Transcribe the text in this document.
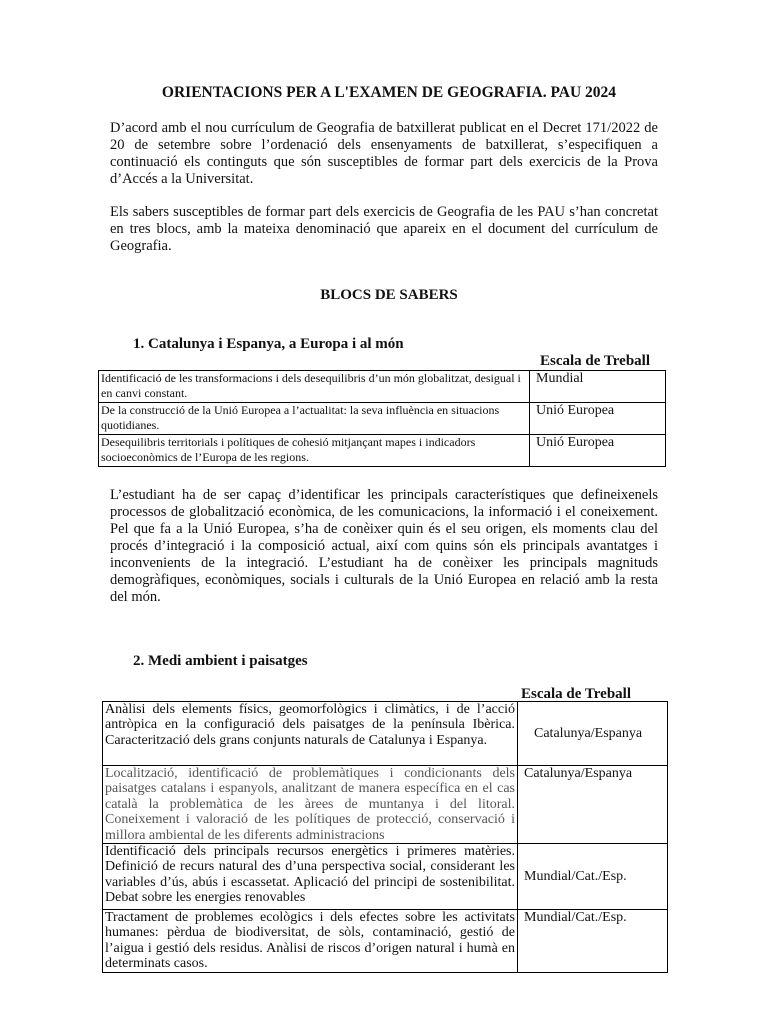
ORIENTACIONS PER A L'EXAMEN DE GEOGRAFIA. PAU 2024

D’acord amb el nou currículum de Geografia de batxillerat publicat en el Decret 171/2022 de 20 de setembre sobre l’ordenació dels ensenyaments de batxillerat, s’especifiquen a continuació els continguts que són susceptibles de formar part dels exercicis de la Prova d’Accés a la Universitat.

Els sabers susceptibles de formar part dels exercicis de Geografia de les PAU s’han concretat en tres blocs, amb la mateixa denominació que apareix en el document del currículum de Geografia.

BLOCS DE SABERS
1. Catalunya i Espanya, a Europa i al món
Escala de Treball
Identificació de les transformacions i dels desequilibris d’un món globalitzat, desigual i en canvi constant.	Mundial
De la construcció de la Unió Europea a l’actualitat: la seva influència en situacions quotidianes.	Unió Europea
Desequilibris territorials i polítiques de cohesió mitjançant mapes i indicadors socioeconòmics de l’Europa de les regions.	Unió Europea

L’estudiant ha de ser capaç d’identificar les principals característiques que defineixenels processos de globalització econòmica, de les comunicacions, la informació i el coneixement. Pel que fa a la Unió Europea, s’ha de conèixer quin és el seu origen, els moments clau del procés d’integració i la composició actual, així com quins són els principals avantatges i inconvenients de la integració. L’estudiant ha de conèixer les principals magnituds demogràfiques, econòmiques, socials i culturals de la Unió Europea en relació amb la resta del món.

2. Medi ambient i paisatges
Escala de Treball
Anàlisi dels elements físics, geomorfològics i climàtics, i de l’acció antròpica en la configuració dels paisatges de la península Ibèrica. Caracterització dels grans conjunts naturals de Catalunya i Espanya.	Catalunya/Espanya
Localització, identificació de problemàtiques i condicionants dels paisatges catalans i espanyols, analitzant de manera específica en el cas català la problemàtica de les àrees de muntanya i del litoral. Coneixement i valoració de les polítiques de protecció, conservació i millora ambiental de les diferents administracions	Catalunya/Espanya
Identificació dels principals recursos energètics i primeres matèries. Definició de recurs natural des d’una perspectiva social, considerant les variables d’ús, abús i escassetat. Aplicació del principi de sostenibilitat. Debat sobre les energies renovables	Mundial/Cat./Esp.
Tractament de problemes ecològics i dels efectes sobre les activitats humanes: pèrdua de biodiversitat, de sòls, contaminació, gestió de l’aigua i gestió dels residus. Anàlisi de riscos d’origen natural i humà en determinats casos.	Mundial/Cat./Esp.
